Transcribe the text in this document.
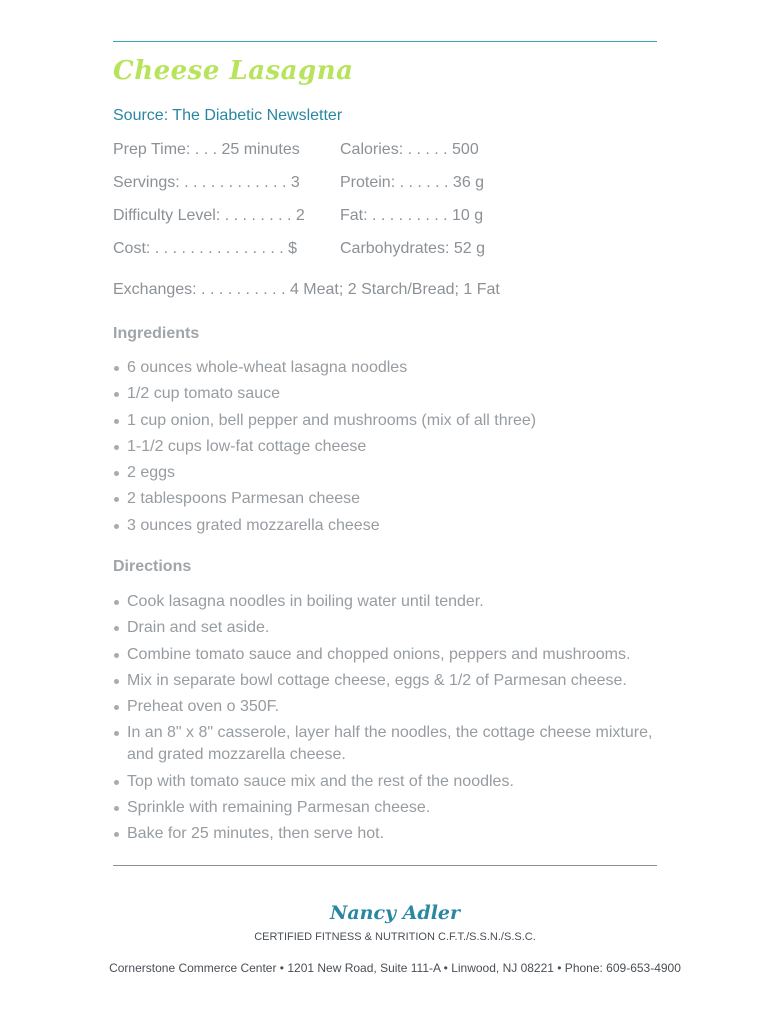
Cheese Lasagna
Source: The Diabetic Newsletter
Prep Time: . . . 25 minutes
Servings: . . . . . . . . . . . . 3
Difficulty Level: . . . . . . . . 2
Cost: . . . . . . . . . . . . . . . $
Calories: . . . . . 500
Protein: . . . . . . 36 g
Fat: . . . . . . . . . 10 g
Carbohydrates: 52 g
Exchanges: . . . . . . . . . . 4 Meat; 2 Starch/Bread; 1 Fat
Ingredients
6 ounces whole-wheat lasagna noodles
1/2 cup tomato sauce
1 cup onion, bell pepper and mushrooms (mix of all three)
1-1/2 cups low-fat cottage cheese
2 eggs
2 tablespoons Parmesan cheese
3 ounces grated mozzarella cheese
Directions
Cook lasagna noodles in boiling water until tender.
Drain and set aside.
Combine tomato sauce and chopped onions, peppers and mushrooms.
Mix in separate bowl cottage cheese, eggs & 1/2 of Parmesan cheese.
Preheat oven o 350F.
In an 8" x 8" casserole, layer half the noodles, the cottage cheese mixture,
and grated mozzarella cheese.
Top with tomato sauce mix and the rest of the noodles.
Sprinkle with remaining Parmesan cheese.
Bake for 25 minutes, then serve hot.
Nancy Adler
CERTIFIED FITNESS & NUTRITION C.F.T./S.S.N./S.S.C.
Cornerstone Commerce Center • 1201 New Road, Suite 111-A • Linwood, NJ 08221 • Phone: 609-653-4900
